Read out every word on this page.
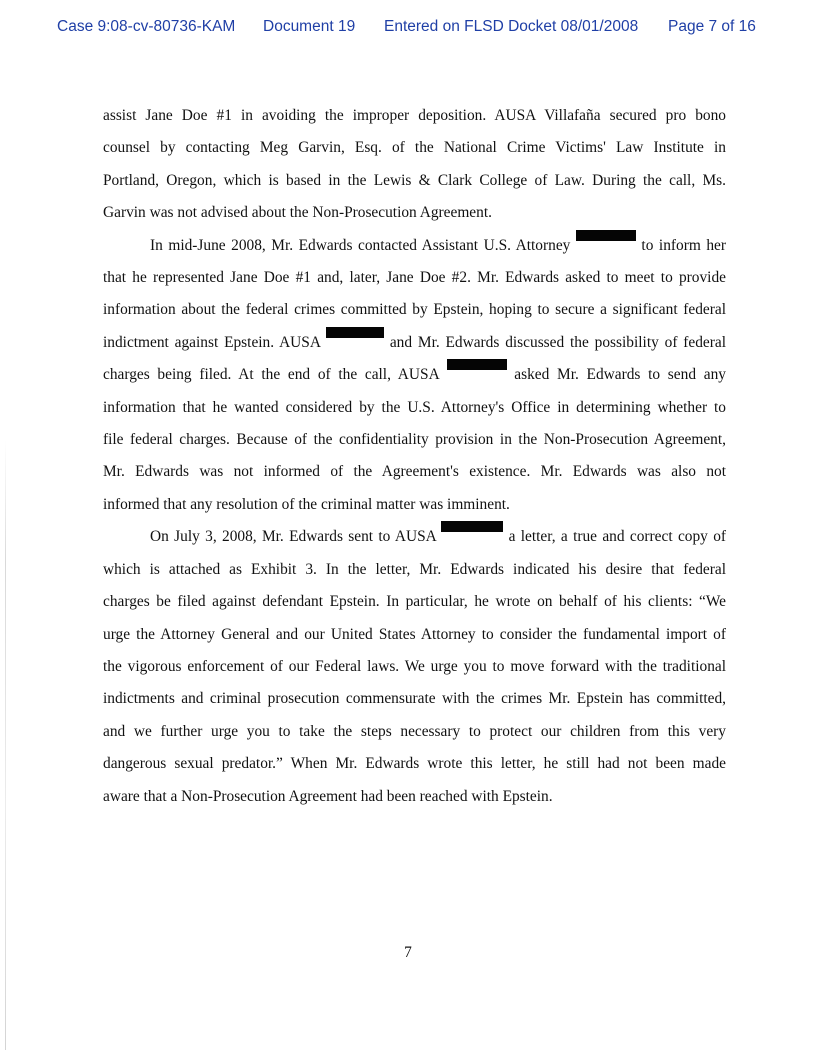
Case 9:08-cv-80736-KAM Document 19 Entered on FLSD Docket 08/01/2008 Page 7 of 16

assist Jane Doe #1 in avoiding the improper deposition. AUSA Villafaña secured pro bono
counsel by contacting Meg Garvin, Esq. of the National Crime Victims' Law Institute in
Portland, Oregon, which is based in the Lewis & Clark College of Law. During the call, Ms.
Garvin was not advised about the Non-Prosecution Agreement.

In mid-June 2008, Mr. Edwards contacted Assistant U.S. Attorney	to inform her
that he represented Jane Doe #1 and, later, Jane Doe #2. Mr. Edwards asked to meet to provide
information about the federal crimes committed by Epstein, hoping to secure a significant federal
indictment against Epstein. AUSA	and Mr. Edwards discussed the possibility of federal
charges being filed. At the end of the call, AUSA	asked Mr. Edwards to send any
information that he wanted considered by the U.S. Attorney's Office in determining whether to
file federal charges. Because of the confidentiality provision in the Non-Prosecution Agreement,
Mr. Edwards was not informed of the Agreement's existence. Mr. Edwards was also not
informed that any resolution of the criminal matter was imminent.

On July 3, 2008, Mr. Edwards sent to AUSA	a letter, a true and correct copy of
which is attached as Exhibit 3. In the letter, Mr. Edwards indicated his desire that federal
charges be filed against defendant Epstein. In particular, he wrote on behalf of his clients: “We
urge the Attorney General and our United States Attorney to consider the fundamental import of
the vigorous enforcement of our Federal laws. We urge you to move forward with the traditional
indictments and criminal prosecution commensurate with the crimes Mr. Epstein has committed,
and we further urge you to take the steps necessary to protect our children from this very
dangerous sexual predator.” When Mr. Edwards wrote this letter, he still had not been made
aware that a Non-Prosecution Agreement had been reached with Epstein.

7
